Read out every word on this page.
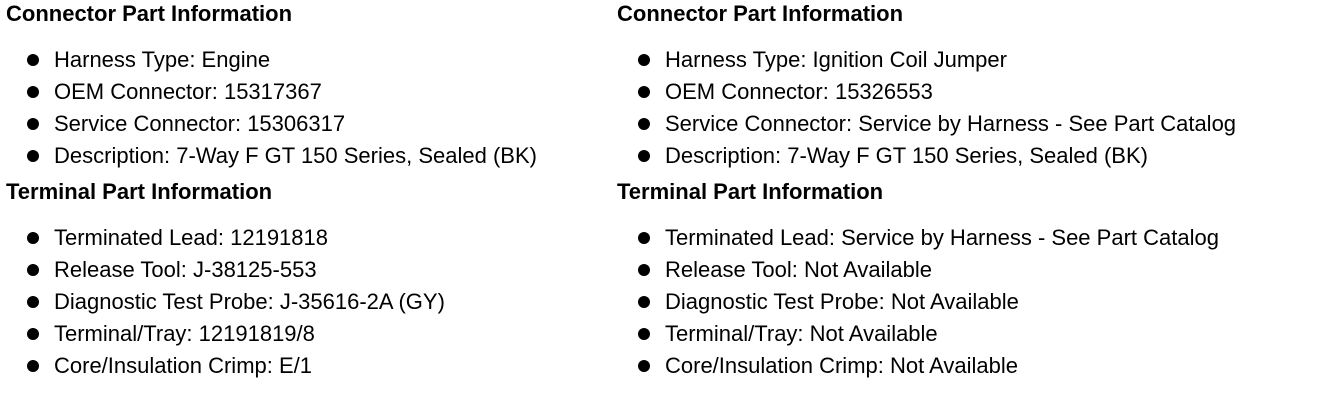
Connector Part Information
Harness Type: Engine
OEM Connector: 15317367
Service Connector: 15306317
Description: 7-Way F GT 150 Series, Sealed (BK)
Terminal Part Information
Terminated Lead: 12191818
Release Tool: J-38125-553
Diagnostic Test Probe: J-35616-2A (GY)
Terminal/Tray: 12191819/8
Core/Insulation Crimp: E/1
Connector Part Information
Harness Type: Ignition Coil Jumper
OEM Connector: 15326553
Service Connector: Service by Harness - See Part Catalog
Description: 7-Way F GT 150 Series, Sealed (BK)
Terminal Part Information
Terminated Lead: Service by Harness - See Part Catalog
Release Tool: Not Available
Diagnostic Test Probe: Not Available
Terminal/Tray: Not Available
Core/Insulation Crimp: Not Available
